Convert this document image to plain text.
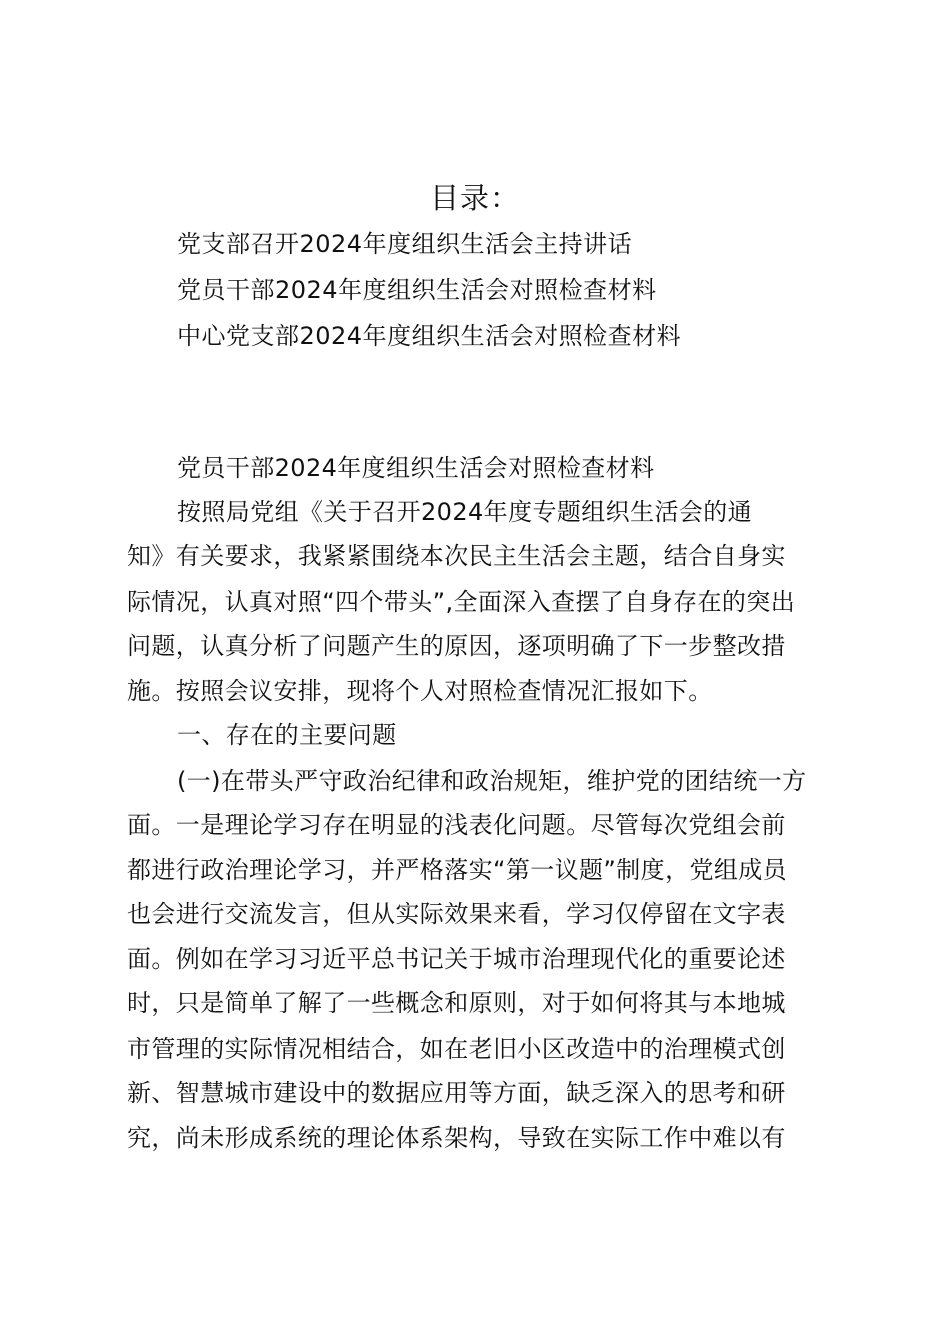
目录：
党支部召开2024年度组织生活会主持讲话
党员干部2024年度组织生活会对照检查材料
中心党支部2024年度组织生活会对照检查材料
党员干部2024年度组织生活会对照检查材料
按照局党组《关于召开2024年度专题组织生活会的通
知》有关要求，我紧紧围绕本次民主生活会主题，结合自身实
际情况，认真对照“四个带头”,全面深入查摆了自身存在的突出
问题，认真分析了问题产生的原因，逐项明确了下一步整改措
施。按照会议安排，现将个人对照检查情况汇报如下。
一、存在的主要问题
(一)在带头严守政治纪律和政治规矩，维护党的团结统一方
面。一是理论学习存在明显的浅表化问题。尽管每次党组会前
都进行政治理论学习，并严格落实“第一议题”制度，党组成员
也会进行交流发言，但从实际效果来看，学习仅停留在文字表
面。例如在学习习近平总书记关于城市治理现代化的重要论述
时，只是简单了解了一些概念和原则，对于如何将其与本地城
市管理的实际情况相结合，如在老旧小区改造中的治理模式创
新、智慧城市建设中的数据应用等方面，缺乏深入的思考和研
究，尚未形成系统的理论体系架构，导致在实际工作中难以有
